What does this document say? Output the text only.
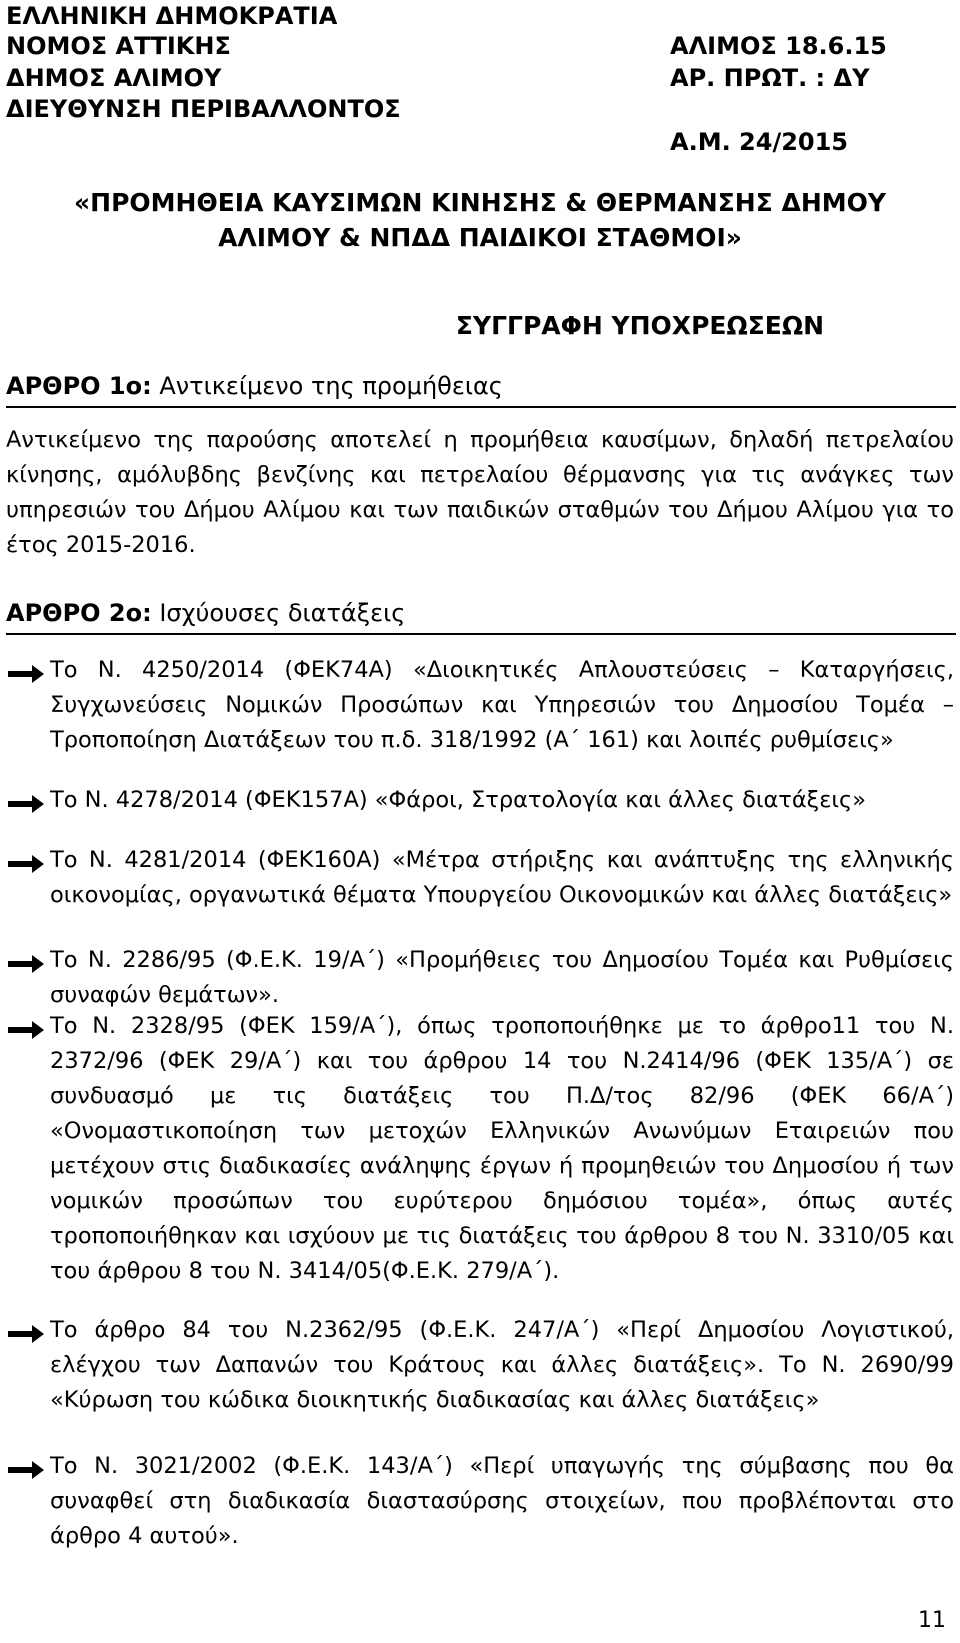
ΕΛΛΗΝΙΚΗ ΔΗΜΟΚΡΑΤΙΑ
ΝΟΜΟΣ ΑΤΤΙΚΗΣ
ΔΗΜΟΣ ΑΛΙΜΟΥ
ΔΙΕΥΘΥΝΣΗ ΠΕΡΙΒΑΛΛΟΝΤΟΣ
ΑΛΙΜΟΣ 18.6.15
ΑΡ. ΠΡΩΤ. : ΔΥ
Α.Μ. 24/2015
«ΠΡΟΜΗΘΕΙΑ ΚΑΥΣΙΜΩΝ ΚΙΝΗΣΗΣ & ΘΕΡΜΑΝΣΗΣ ΔΗΜΟΥ
ΑΛΙΜΟΥ & ΝΠΔΔ ΠΑΙΔΙΚΟΙ ΣΤΑΘΜΟΙ»
ΣΥΓΓΡΑΦΗ ΥΠΟΧΡΕΩΣΕΩΝ
ΑΡΘΡΟ 1ο: Αντικείμενο της προμήθειας
Αντικείμενο της παρούσης αποτελεί η προμήθεια καυσίμων, δηλαδή πετρελαίου κίνησης, αμόλυβδης βενζίνης και πετρελαίου θέρμανσης για τις ανάγκες των υπηρεσιών του Δήμου Αλίμου και των παιδικών σταθμών του Δήμου Αλίμου για το έτος 2015-2016.
ΑΡΘΡΟ 2ο: Ισχύουσες διατάξεις
Το Ν. 4250/2014 (ΦΕΚ74Α) «Διοικητικές Απλουστεύσεις – Καταργήσεις, Συγχωνεύσεις Νομικών Προσώπων και Υπηρεσιών του Δημοσίου Τομέα – Τροποποίηση Διατάξεων του π.δ. 318/1992 (Α΄ 161) και λοιπές ρυθμίσεις»
Το Ν. 4278/2014 (ΦΕΚ157Α) «Φάροι, Στρατολογία και άλλες διατάξεις»
Το Ν. 4281/2014 (ΦΕΚ160Α) «Μέτρα στήριξης και ανάπτυξης της ελληνικής οικονομίας, οργανωτικά θέματα Υπουργείου Οικονομικών και άλλες διατάξεις»
Το Ν. 2286/95 (Φ.Ε.Κ. 19/Α΄) «Προμήθειες του Δημοσίου Τομέα και Ρυθμίσεις συναφών θεμάτων».
Το Ν. 2328/95 (ΦΕΚ 159/Α΄), όπως τροποποιήθηκε με το άρθρο11 του Ν. 2372/96 (ΦΕΚ 29/Α΄) και του άρθρου 14 του Ν.2414/96 (ΦΕΚ 135/Α΄) σε συνδυασμό με τις διατάξεις του Π.Δ/τος 82/96 (ΦΕΚ 66/Α΄) «Ονομαστικοποίηση των μετοχών Ελληνικών Ανωνύμων Εταιρειών που μετέχουν στις διαδικασίες ανάληψης έργων ή προμηθειών του Δημοσίου ή των νομικών προσώπων του ευρύτερου δημόσιου τομέα», όπως αυτές τροποποιήθηκαν και ισχύουν με τις διατάξεις του άρθρου 8 του Ν. 3310/05 και του άρθρου 8 του Ν. 3414/05(Φ.Ε.Κ. 279/Α΄).
Το άρθρο 84 του Ν.2362/95 (Φ.Ε.Κ. 247/Α΄) «Περί Δημοσίου Λογιστικού, ελέγχου των Δαπανών του Κράτους και άλλες διατάξεις». Το Ν. 2690/99 «Κύρωση του κώδικα διοικητικής διαδικασίας και άλλες διατάξεις»
Το Ν. 3021/2002 (Φ.Ε.Κ. 143/Α΄) «Περί υπαγωγής της σύμβασης που θα συναφθεί στη διαδικασία διαστασύρσης στοιχείων, που προβλέπονται στο άρθρο 4 αυτού».
11
